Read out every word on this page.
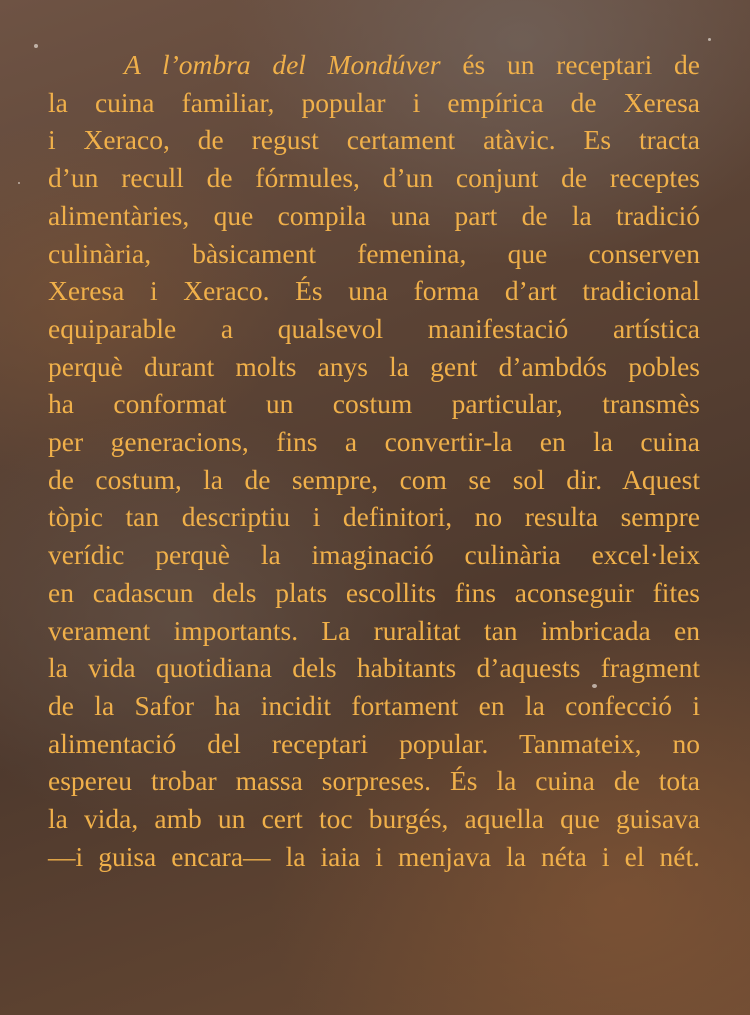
A l’ombra del Mondúver és un receptari de
la cuina familiar, popular i empírica de Xeresa
i Xeraco, de regust certament atàvic. Es tracta
d’un recull de fórmules, d’un conjunt de receptes
alimentàries, que compila una part de la tradició
culinària, bàsicament femenina, que conserven
Xeresa i Xeraco. És una forma d’art tradicional
equiparable a qualsevol manifestació artística
perquè durant molts anys la gent d’ambdós pobles
ha conformat un costum particular, transmès
per generacions, fins a convertir-la en la cuina
de costum, la de sempre, com se sol dir. Aquest
tòpic tan descriptiu i definitori, no resulta sempre
verídic perquè la imaginació culinària excel·leix
en cadascun dels plats escollits fins aconseguir fites
verament importants. La ruralitat tan imbricada en
la vida quotidiana dels habitants d’aquests fragment
de la Safor ha incidit fortament en la confecció i
alimentació del receptari popular. Tanmateix, no
espereu trobar massa sorpreses. És la cuina de tota
la vida, amb un cert toc burgés, aquella que guisava
—i guisa encara— la iaia i menjava la néta i el nét.
